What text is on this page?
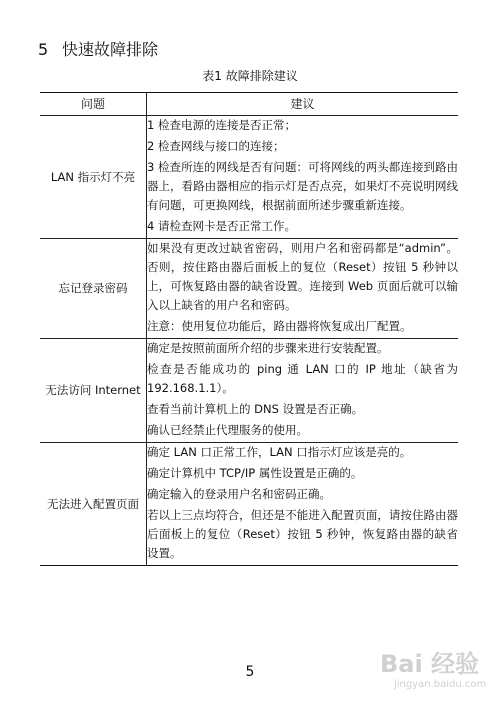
5 快速故障排除
表1 故障排除建议
问题	建议
LAN 指示灯不亮	1 检查电源的连接是否正常；

2 检查网线与接口的连接；

3 检查所连的网线是否有问题：可将网线的两头都连接到路由器上，看路由器相应的指示灯是否点亮，如果灯不亮说明网线有问题，可更换网线，根据前面所述步骤重新连接。

4 请检查网卡是否正常工作。

忘记登录密码	如果没有更改过缺省密码，则用户名和密码都是“admin”。否则，按住路由器后面板上的复位（Reset）按钮 5 秒钟以上，可恢复路由器的缺省设置。连接到 Web 页面后就可以输入以上缺省的用户名和密码。

注意：使用复位功能后，路由器将恢复成出厂配置。

无法访问 Internet	确定是按照前面所介绍的步骤来进行安装配置。

检查是否能成功的 ping 通 LAN 口的 IP 地址（缺省为 192.168.1.1）。

查看当前计算机上的 DNS 设置是否正确。

确认已经禁止代理服务的使用。

无法进入配置页面	确定 LAN 口正常工作，LAN 口指示灯应该是亮的。

确定计算机中 TCP/IP 属性设置是正确的。

确定输入的登录用户名和密码正确。

若以上三点均符合，但还是不能进入配置页面，请按住路由器后面板上的复位（Reset）按钮 5 秒钟，恢复路由器的缺省设置。

5	Bai 经验
jingyan.baidu.com
